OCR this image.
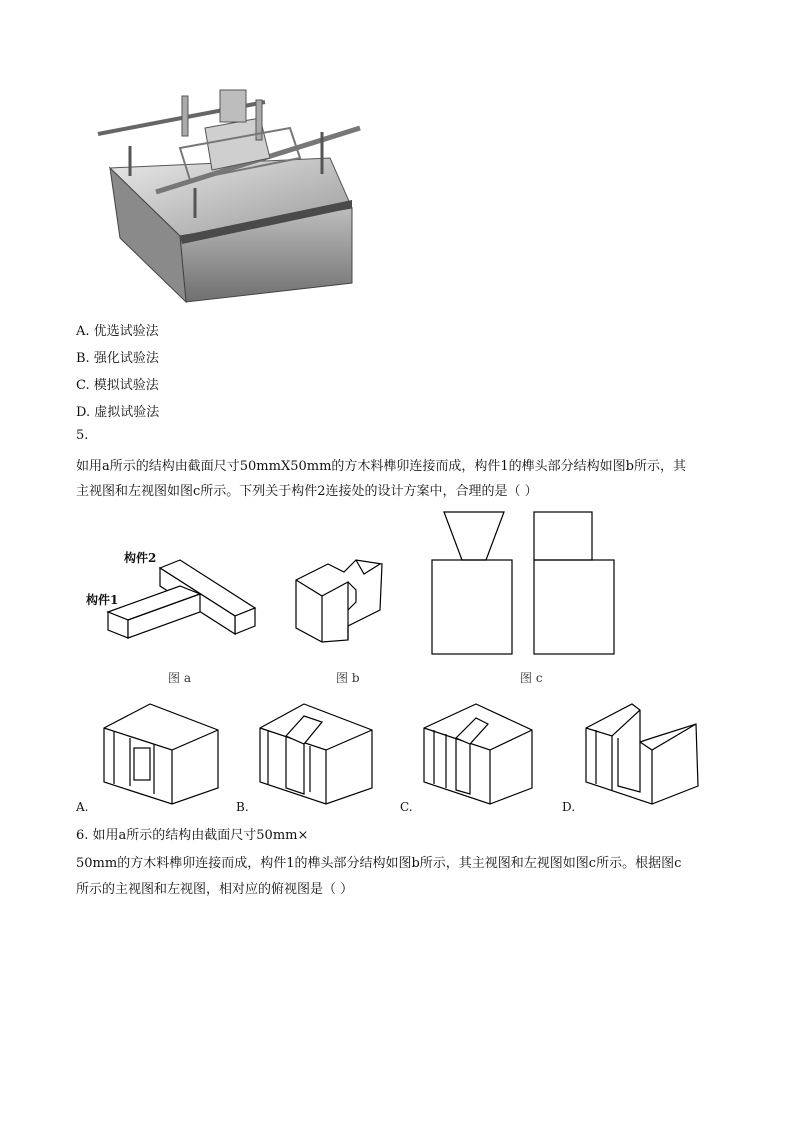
A. 优选试验法
B. 强化试验法
C. 模拟试验法
D. 虚拟试验法
5.
如用a所示的结构由截面尺寸50mmX50mm的方木料榫卯连接而成，构件1的榫头部分结构如图b所示，其
主视图和左视图如图c所示。下列关于构件2连接处的设计方案中，合理的是（ ）
构件2
构件1
图 a	图 b	图 c
A.	B.	C.	D.
6. 如用a所示的结构由截面尺寸50mm×
50mm的方木料榫卯连接而成，构件1的榫头部分结构如图b所示，其主视图和左视图如图c所示。根据图c
所示的主视图和左视图，相对应的俯视图是（ ）
